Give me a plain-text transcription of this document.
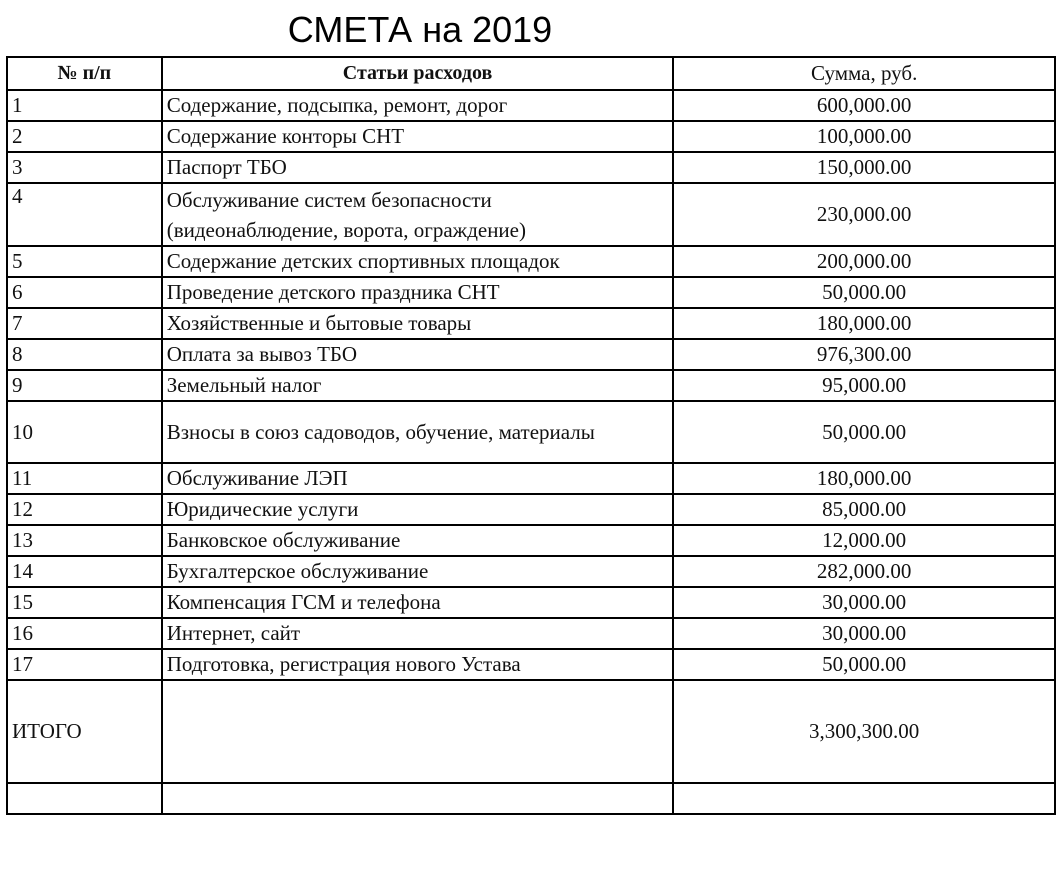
СМЕТА на 2019
№ п/п	Статьи расходов	Сумма, руб.
1	Содержание, подсыпка, ремонт, дорог	600,000.00
2	Содержание конторы СНТ	100,000.00
3	Паспорт ТБО	150,000.00
4	Обслуживание систем безопасности (видеонаблюдение, ворота, ограждение)	230,000.00
5	Содержание детских спортивных площадок	200,000.00
6	Проведение детского праздника СНТ	50,000.00
7	Хозяйственные и бытовые товары	180,000.00
8	Оплата за вывоз ТБО	976,300.00
9	Земельный налог	95,000.00
10	Взносы в союз садоводов, обучение, материалы	50,000.00
11	Обслуживание ЛЭП	180,000.00
12	Юридические услуги	85,000.00
13	Банковское обслуживание	12,000.00
14	Бухгалтерское обслуживание	282,000.00
15	Компенсация ГСМ и телефона	30,000.00
16	Интернет, сайт	30,000.00
17	Подготовка, регистрация нового Устава	50,000.00
ИТОГО		3,300,300.00
